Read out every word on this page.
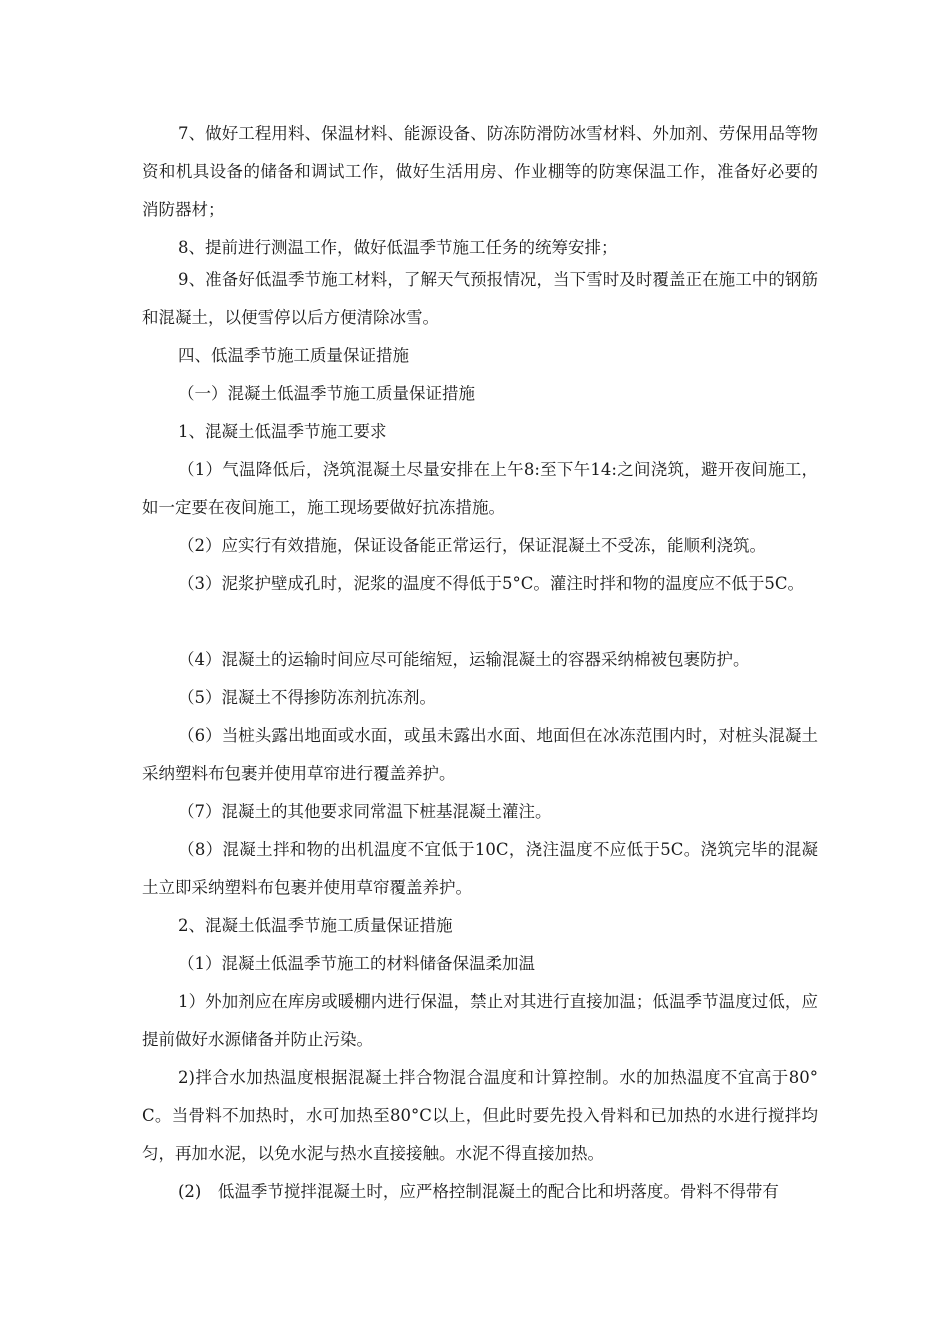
7、做好工程用料、保温材料、能源设备、防冻防滑防冰雪材料、外加剂、劳保用品等物资和机具设备的储备和调试工作，做好生活用房、作业棚等的防寒保温工作，准备好必要的消防器材；

8、提前进行测温工作，做好低温季节施工任务的统筹安排；

9、准备好低温季节施工材料，了解天气预报情况，当下雪时及时覆盖正在施工中的钢筋和混凝土，以便雪停以后方便清除冰雪。

四、低温季节施工质量保证措施

（一）混凝土低温季节施工质量保证措施

1、混凝土低温季节施工要求

（1）气温降低后，浇筑混凝土尽量安排在上午8:至下午14:之间浇筑，避开夜间施工，如一定要在夜间施工，施工现场要做好抗冻措施。

（2）应实行有效措施，保证设备能正常运行，保证混凝土不受冻，能顺利浇筑。

（3）泥浆护壁成孔时，泥浆的温度不得低于5°C。灌注时拌和物的温度应不低于5C。

（4）混凝土的运输时间应尽可能缩短，运输混凝土的容器采纳棉被包裹防护。

（5）混凝土不得掺防冻剂抗冻剂。

（6）当桩头露出地面或水面，或虽未露出水面、地面但在冰冻范围内时，对桩头混凝土采纳塑料布包裹并使用草帘进行覆盖养护。

（7）混凝土的其他要求同常温下桩基混凝土灌注。

（8）混凝土拌和物的出机温度不宜低于10C，浇注温度不应低于5C。浇筑完毕的混凝土立即采纳塑料布包裹并使用草帘覆盖养护。

2、混凝土低温季节施工质量保证措施

（1）混凝土低温季节施工的材料储备保温柔加温

1）外加剂应在库房或暖棚内进行保温，禁止对其进行直接加温；低温季节温度过低，应提前做好水源储备并防止污染。

2)拌合水加热温度根据混凝土拌合物混合温度和计算控制。水的加热温度不宜高于80°C。当骨料不加热时，水可加热至80°C以上，但此时要先投入骨料和已加热的水进行搅拌均匀，再加水泥，以免水泥与热水直接接触。水泥不得直接加热。

(2)　低温季节搅拌混凝土时，应严格控制混凝土的配合比和坍落度。骨料不得带有
